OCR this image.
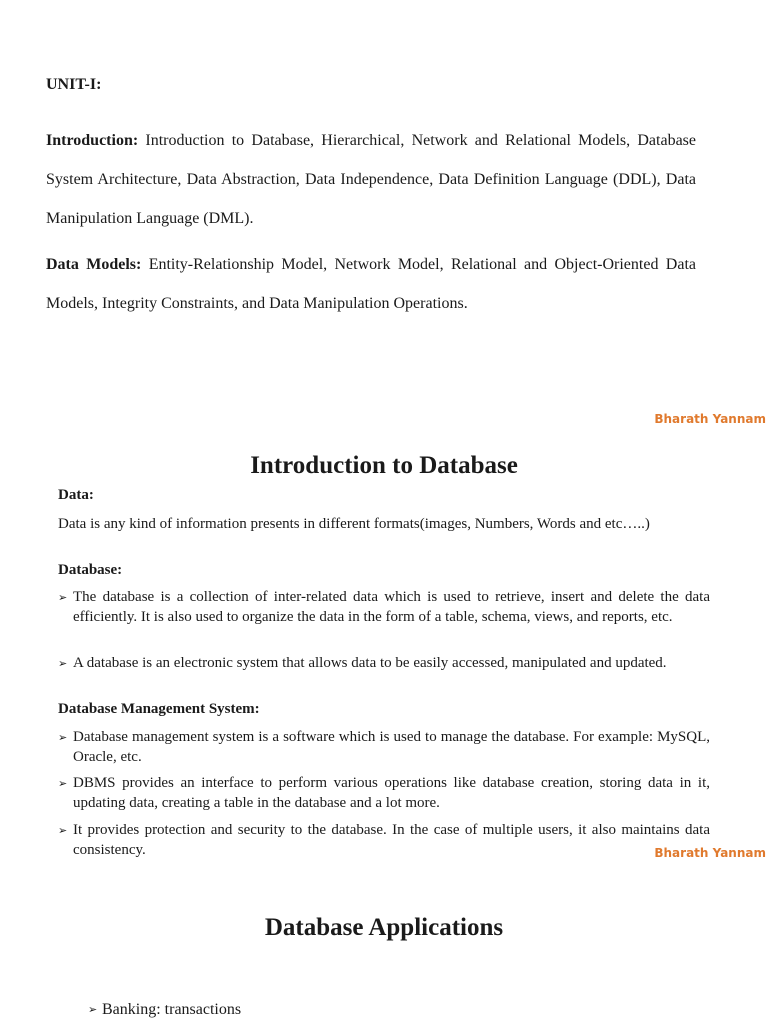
UNIT-I:
Introduction: Introduction to Database, Hierarchical, Network and Relational Models, Database System Architecture, Data Abstraction, Data Independence, Data Definition Language (DDL), Data Manipulation Language (DML).
Data Models: Entity-Relationship Model, Network Model, Relational and Object-Oriented Data Models, Integrity Constraints, and Data Manipulation Operations.
Bharath Yannam
Introduction to Database
Data:
Data is any kind of information presents in different formats(images, Numbers, Words and etc…..)
Database:
➢ The database is a collection of inter-related data which is used to retrieve, insert and delete the data efficiently. It is also used to organize the data in the form of a table, schema, views, and reports, etc.
➢ A database is an electronic system that allows data to be easily accessed, manipulated and updated.
Database Management System:
➢ Database management system is a software which is used to manage the database. For example: MySQL, Oracle, etc.
➢ DBMS provides an interface to perform various operations like database creation, storing data in it, updating data, creating a table in the database and a lot more.
➢ It provides protection and security to the database. In the case of multiple users, it also maintains data consistency.	Bharath Yannam
Database Applications
➢ Banking: transactions
